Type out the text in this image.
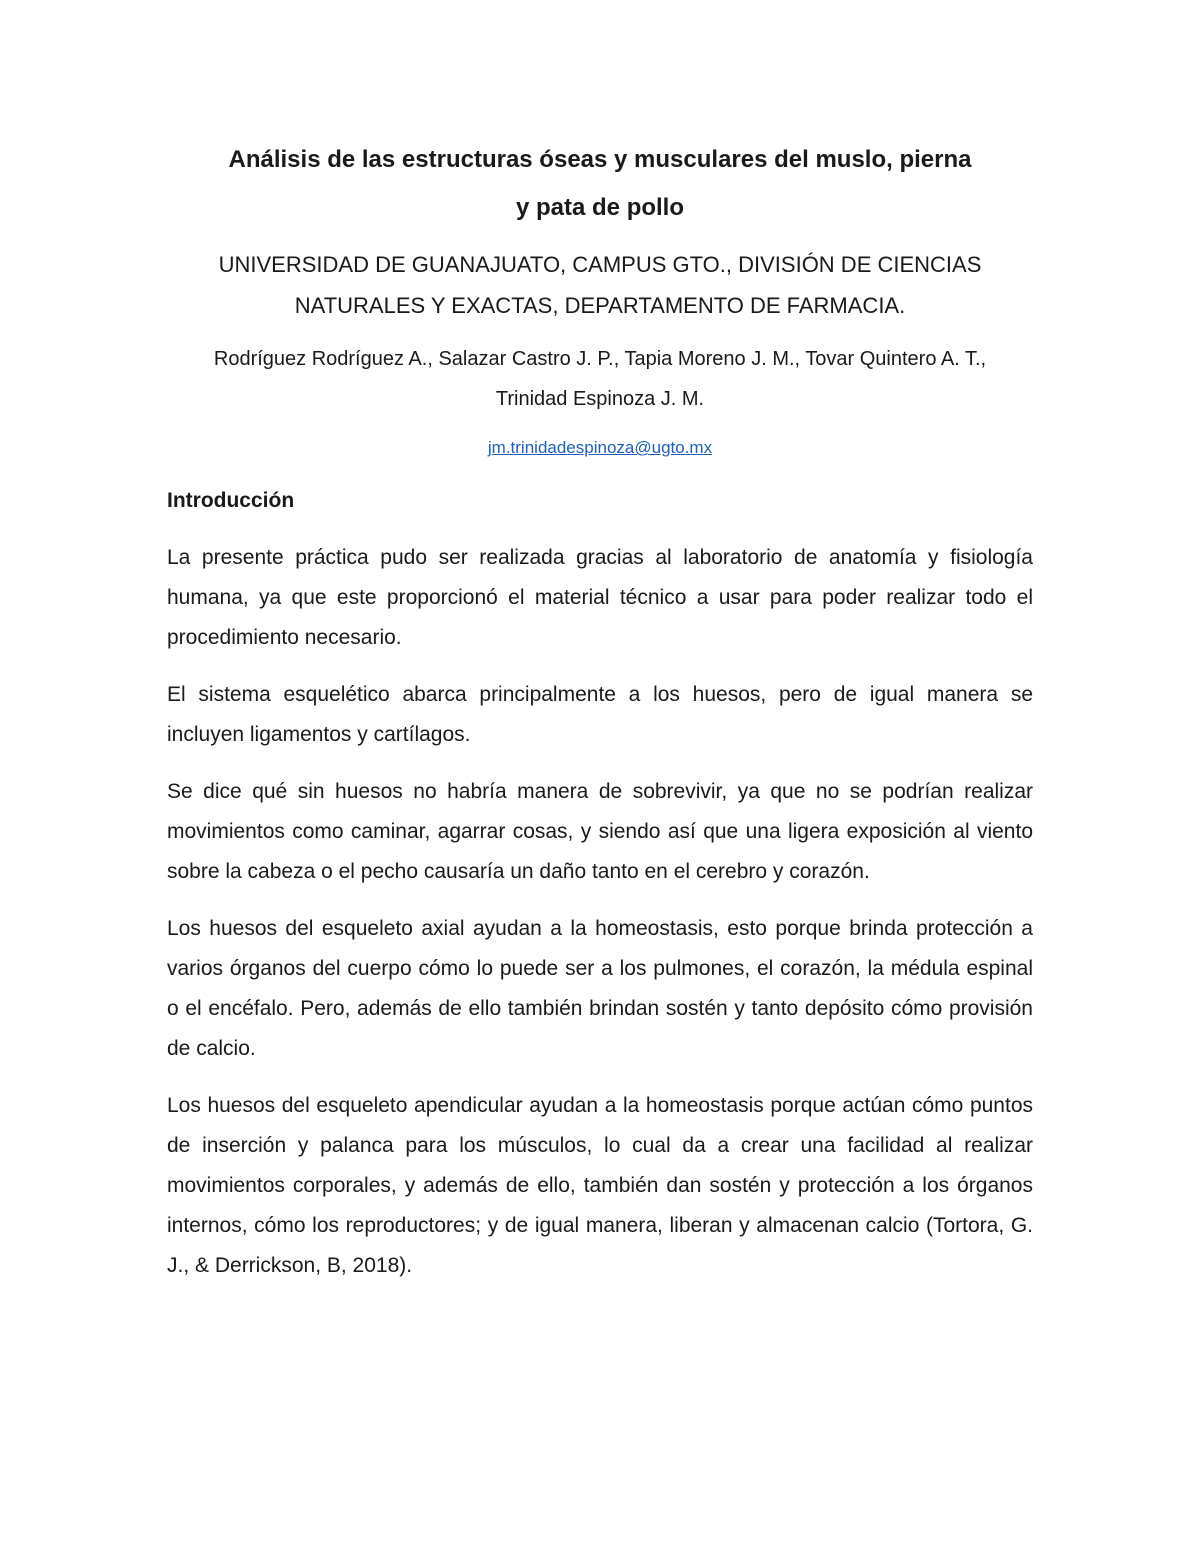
Análisis de las estructuras óseas y musculares del muslo, pierna
y pata de pollo
UNIVERSIDAD DE GUANAJUATO, CAMPUS GTO., DIVISIÓN DE CIENCIAS
NATURALES Y EXACTAS, DEPARTAMENTO DE FARMACIA.
Rodríguez Rodríguez A., Salazar Castro J. P., Tapia Moreno J. M., Tovar Quintero A. T.,
Trinidad Espinoza J. M.
jm.trinidadespinoza@ugto.mx
Introducción

La presente práctica pudo ser realizada gracias al laboratorio de anatomía y fisiología humana, ya que este proporcionó el material técnico a usar para poder realizar todo el procedimiento necesario.

El sistema esquelético abarca principalmente a los huesos, pero de igual manera se incluyen ligamentos y cartílagos.

Se dice qué sin huesos no habría manera de sobrevivir, ya que no se podrían realizar movimientos como caminar, agarrar cosas, y siendo así que una ligera exposición al viento sobre la cabeza o el pecho causaría un daño tanto en el cerebro y corazón.

Los huesos del esqueleto axial ayudan a la homeostasis, esto porque brinda protección a varios órganos del cuerpo cómo lo puede ser a los pulmones, el corazón, la médula espinal o el encéfalo. Pero, además de ello también brindan sostén y tanto depósito cómo provisión de calcio.

Los huesos del esqueleto apendicular ayudan a la homeostasis porque actúan cómo puntos de inserción y palanca para los músculos, lo cual da a crear una facilidad al realizar movimientos corporales, y además de ello, también dan sostén y protección a los órganos internos, cómo los reproductores; y de igual manera, liberan y almacenan calcio (Tortora, G. J., & Derrickson, B, 2018).
